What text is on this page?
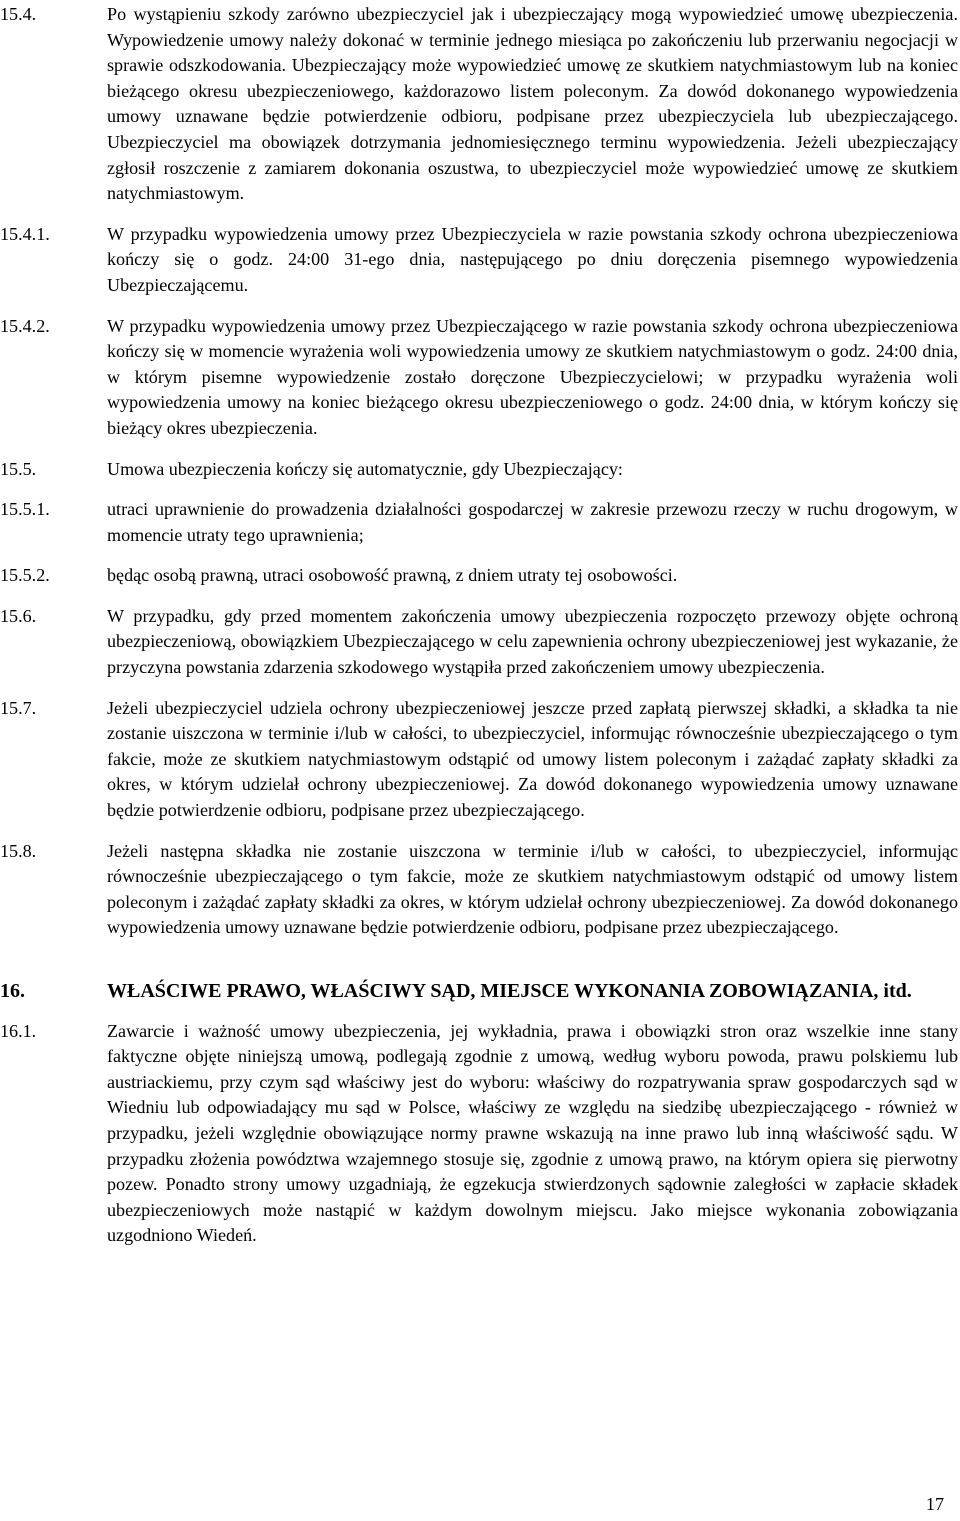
15.4.	Po wystąpieniu szkody zarówno ubezpieczyciel jak i ubezpieczający mogą wypowiedzieć umowę ubezpieczenia. Wypowiedzenie umowy należy dokonać w terminie jednego miesiąca po zakończeniu lub przerwaniu negocjacji w sprawie odszkodowania. Ubezpieczający może wypowiedzieć umowę ze skutkiem natychmiastowym lub na koniec bieżącego okresu ubezpieczeniowego, każdorazowo listem poleconym. Za dowód dokonanego wypowiedzenia umowy uznawane będzie potwierdzenie odbioru, podpisane przez ubezpieczyciela lub ubezpieczającego. Ubezpieczyciel ma obowiązek dotrzymania jednomiesięcznego terminu wypowiedzenia. Jeżeli ubezpieczający zgłosił roszczenie z zamiarem dokonania oszustwa, to ubezpieczyciel może wypowiedzieć umowę ze skutkiem natychmiastowym.
15.4.1.	W przypadku wypowiedzenia umowy przez Ubezpieczyciela w razie powstania szkody ochrona ubezpieczeniowa kończy się o godz. 24:00 31-ego dnia, następującego po dniu doręczenia pisemnego wypowiedzenia Ubezpieczającemu.
15.4.2.	W przypadku wypowiedzenia umowy przez Ubezpieczającego w razie powstania szkody ochrona ubezpieczeniowa kończy się w momencie wyrażenia woli wypowiedzenia umowy ze skutkiem natychmiastowym o godz. 24:00 dnia, w którym pisemne wypowiedzenie zostało doręczone Ubezpieczycielowi; w przypadku wyrażenia woli wypowiedzenia umowy na koniec bieżącego okresu ubezpieczeniowego o godz. 24:00 dnia, w którym kończy się bieżący okres ubezpieczenia.
15.5.	Umowa ubezpieczenia kończy się automatycznie, gdy Ubezpieczający:
15.5.1.	utraci uprawnienie do prowadzenia działalności gospodarczej w zakresie przewozu rzeczy w ruchu drogowym, w momencie utraty tego uprawnienia;
15.5.2.	będąc osobą prawną, utraci osobowość prawną, z dniem utraty tej osobowości.
15.6.	W przypadku, gdy przed momentem zakończenia umowy ubezpieczenia rozpoczęto przewozy objęte ochroną ubezpieczeniową, obowiązkiem Ubezpieczającego w celu zapewnienia ochrony ubezpieczeniowej jest wykazanie, że przyczyna powstania zdarzenia szkodowego wystąpiła przed zakończeniem umowy ubezpieczenia.
15.7.	Jeżeli ubezpieczyciel udziela ochrony ubezpieczeniowej jeszcze przed zapłatą pierwszej składki, a składka ta nie zostanie uiszczona w terminie i/lub w całości, to ubezpieczyciel, informując równocześnie ubezpieczającego o tym fakcie, może ze skutkiem natychmiastowym odstąpić od umowy listem poleconym i zażądać zapłaty składki za okres, w którym udzielał ochrony ubezpieczeniowej. Za dowód dokonanego wypowiedzenia umowy uznawane będzie potwierdzenie odbioru, podpisane przez ubezpieczającego.
15.8.	Jeżeli następna składka nie zostanie uiszczona w terminie i/lub w całości, to ubezpieczyciel, informując równocześnie ubezpieczającego o tym fakcie, może ze skutkiem natychmiastowym odstąpić od umowy listem poleconym i zażądać zapłaty składki za okres, w którym udzielał ochrony ubezpieczeniowej. Za dowód dokonanego wypowiedzenia umowy uznawane będzie potwierdzenie odbioru, podpisane przez ubezpieczającego.
16.	WŁAŚCIWE PRAWO, WŁAŚCIWY SĄD, MIEJSCE WYKONANIA ZOBOWIĄZANIA, itd.
16.1.	Zawarcie i ważność umowy ubezpieczenia, jej wykładnia, prawa i obowiązki stron oraz wszelkie inne stany faktyczne objęte niniejszą umową, podlegają zgodnie z umową, według wyboru powoda, prawu polskiemu lub austriackiemu, przy czym sąd właściwy jest do wyboru: właściwy do rozpatrywania spraw gospodarczych sąd w Wiedniu lub odpowiadający mu sąd w Polsce, właściwy ze względu na siedzibę ubezpieczającego - również w przypadku, jeżeli względnie obowiązujące normy prawne wskazują na inne prawo lub inną właściwość sądu. W przypadku złożenia powództwa wzajemnego stosuje się, zgodnie z umową prawo, na którym opiera się pierwotny pozew. Ponadto strony umowy uzgadniają, że egzekucja stwierdzonych sądownie zaległości w zapłacie składek ubezpieczeniowych może nastąpić w każdym dowolnym miejscu. Jako miejsce wykonania zobowiązania uzgodniono Wiedeń.
17
